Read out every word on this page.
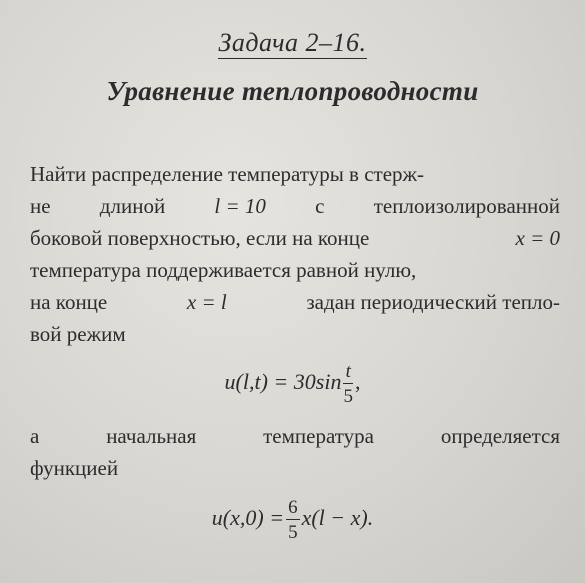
Задача 2–16.
Уравнение теплопроводности
Найти распределение температуры в стерж-
не длиной l = 10 с теплоизолированной
боковой поверхностью, если на конце	x = 0
температура поддерживается равной нулю,
на конце	x = l	задан периодический тепло-
вой режим
$u(l,t) = 30\sin \frac{t}{5}$ ,
а	начальная	температура	определяется
функцией
$u(x,0) = \frac{6}{5} x(l - x)$.
